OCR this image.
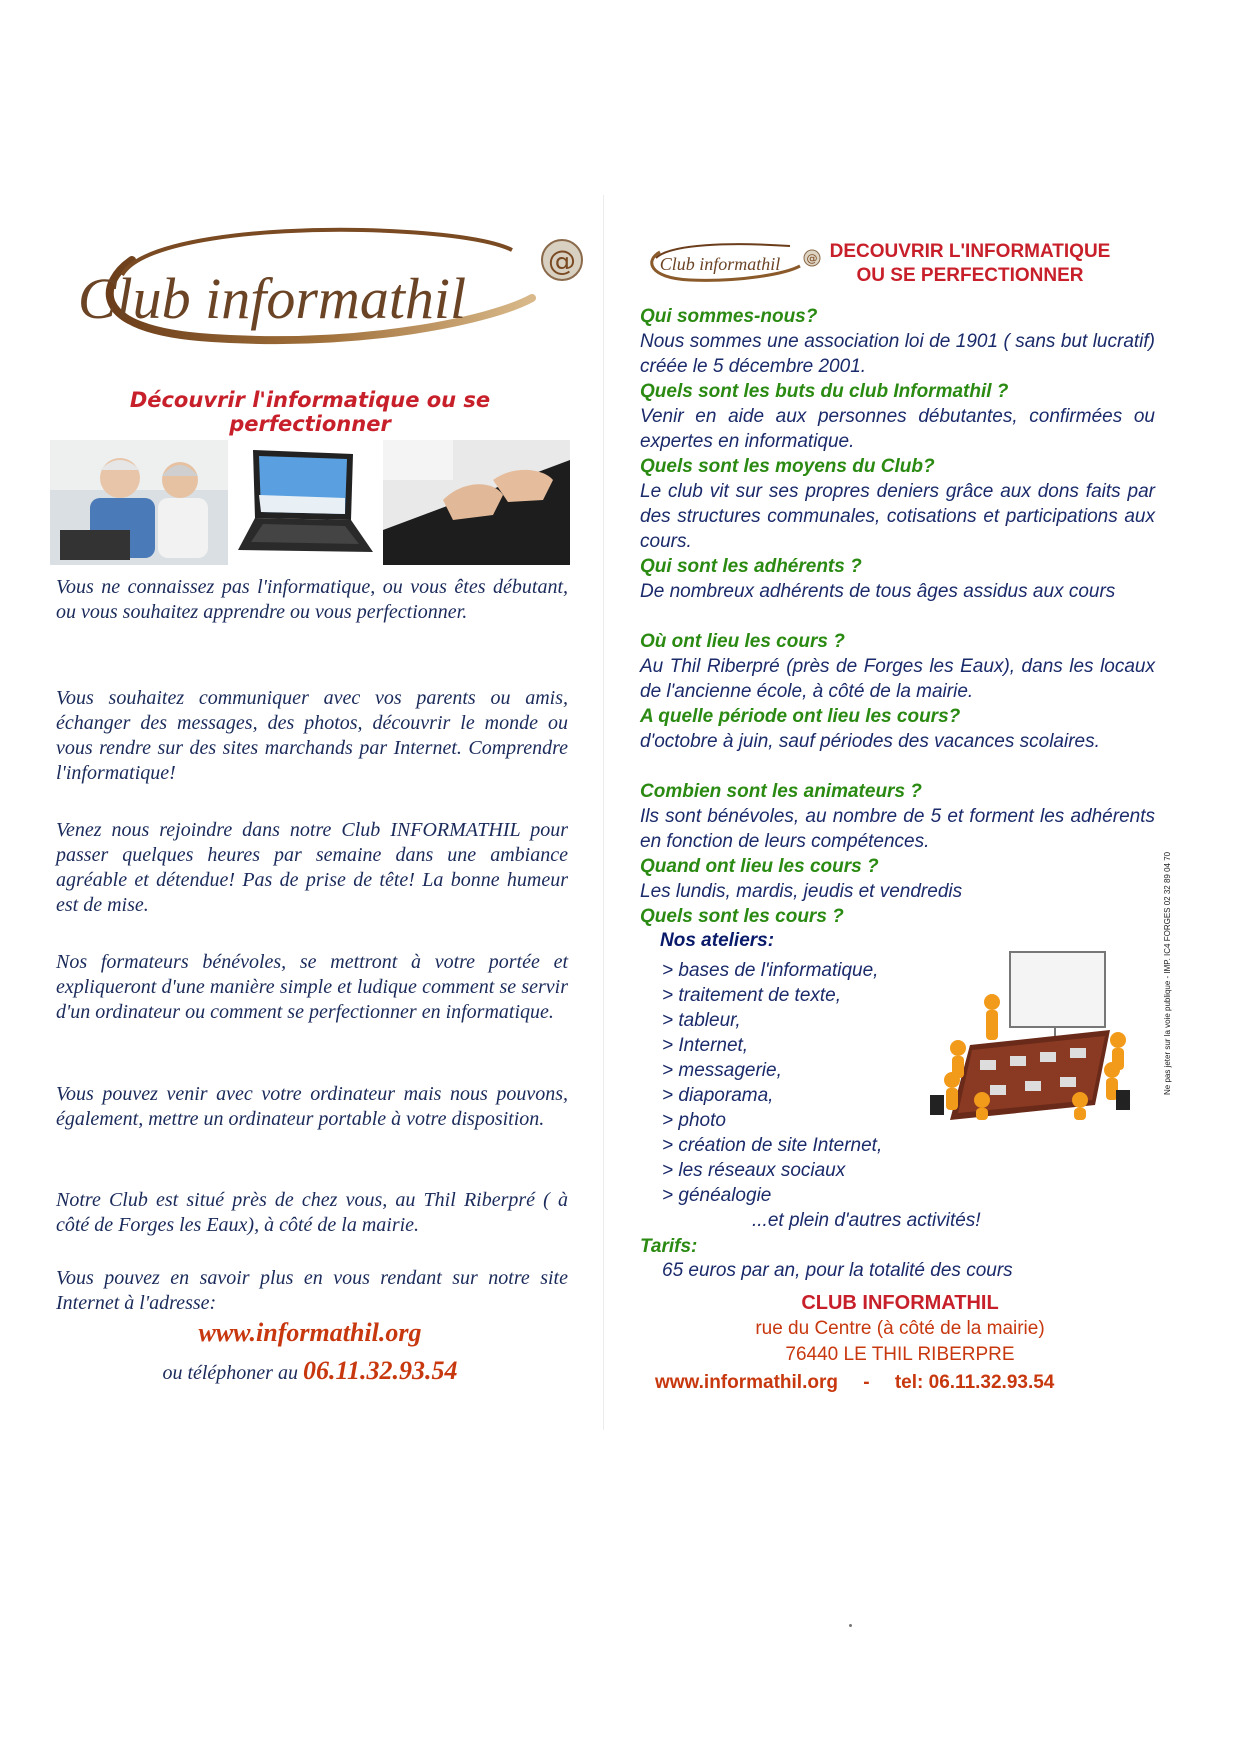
Club informathil
@
Découvrir l'informatique ou se perfectionner
Vous ne connaissez pas l'informatique, ou vous êtes débutant, ou vous souhaitez apprendre ou vous perfectionner.
Vous souhaitez communiquer avec vos parents ou amis, échanger des messages, des photos, découvrir le monde ou vous rendre sur des sites marchands par Internet. Comprendre l'informatique!
Venez nous rejoindre dans notre Club INFORMATHIL pour passer quelques heures par semaine dans une ambiance agréable et détendue! Pas de prise de tête! La bonne humeur est de mise.
Nos formateurs bénévoles, se mettront à votre portée et expliqueront d'une manière simple et ludique comment se servir d'un ordinateur ou comment se perfectionner en informatique.
Vous pouvez venir avec votre ordinateur mais nous pouvons, également, mettre un ordinateur portable à votre disposition.
Notre Club est situé près de chez vous, au Thil Riberpré ( à côté de Forges les Eaux), à côté de la mairie.
Vous pouvez en savoir plus en vous rendant sur notre site Internet à l'adresse:
www.informathil.org
ou téléphoner au 06.11.32.93.54
Club informathil @ DECOUVRIR L'INFORMATIQUE
OU SE PERFECTIONNER
Qui sommes-nous?
Nous sommes une association loi de 1901 ( sans but lucratif) créée le 5 décembre 2001.
Quels sont les buts du club Informathil ?
Venir en aide aux personnes débutantes, confirmées ou expertes en informatique.
Quels sont les moyens du Club?
Le club vit sur ses propres deniers grâce aux dons faits par des structures communales, cotisations et participations aux cours.
Qui sont les adhérents ?
De nombreux adhérents de tous âges assidus aux cours
Où ont lieu les cours ?
Au Thil Riberpré (près de Forges les Eaux), dans les locaux de l'ancienne école, à côté de la mairie.
A quelle période ont lieu les cours?
d'octobre à juin, sauf périodes des vacances scolaires.
Combien sont les animateurs ?
Ils sont bénévoles, au nombre de 5 et forment les adhérents en fonction de leurs compétences.
Quand ont lieu les cours ?
Les lundis, mardis, jeudis et vendredis
Quels sont les cours ?
Nos ateliers:
> bases de l'informatique,
> traitement de texte,
> tableur,
> Internet,
> messagerie,
> diaporama,
> photo
> création de site Internet,
> les réseaux sociaux
> généalogie
...et plein d'autres activités!
Tarifs:
65 euros par an, pour la totalité des cours
CLUB INFORMATHIL
rue du Centre (à côté de la mairie)
76440 LE THIL RIBERPRE
www.informathil.org - tel: 06.11.32.93.54
Ne pas jeter sur la voie publique - IMP. IC4 FORGES 02 32 89 04 70
